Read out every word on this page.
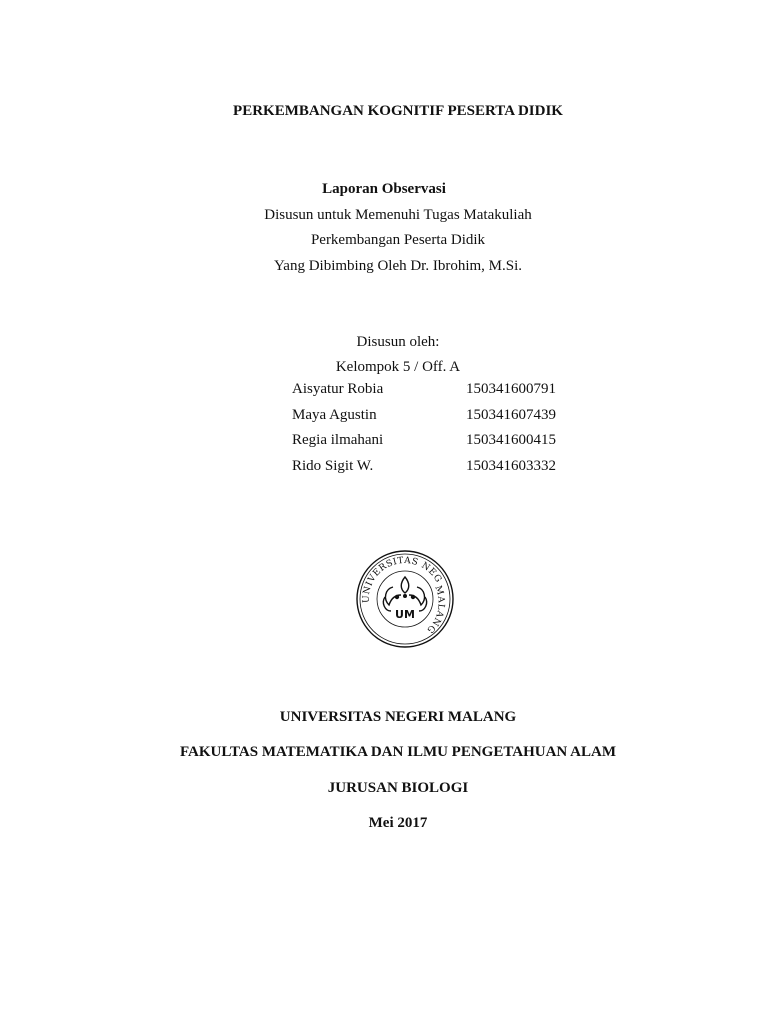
PERKEMBANGAN KOGNITIF PESERTA DIDIK
Laporan Observasi
Disusun untuk Memenuhi Tugas Matakuliah
Perkembangan Peserta Didik
Yang Dibimbing Oleh Dr. Ibrohim, M.Si.
Disusun oleh:
Kelompok 5 / Off. A
Aisyatur Robia	150341600791
Maya Agustin	150341607439
Regia ilmahani	150341600415
Rido Sigit W.	150341603332
UNIVERSITAS NEG
MALANG
UM
UNIVERSITAS NEGERI MALANG
FAKULTAS MATEMATIKA DAN ILMU PENGETAHUAN ALAM
JURUSAN BIOLOGI
Mei 2017
